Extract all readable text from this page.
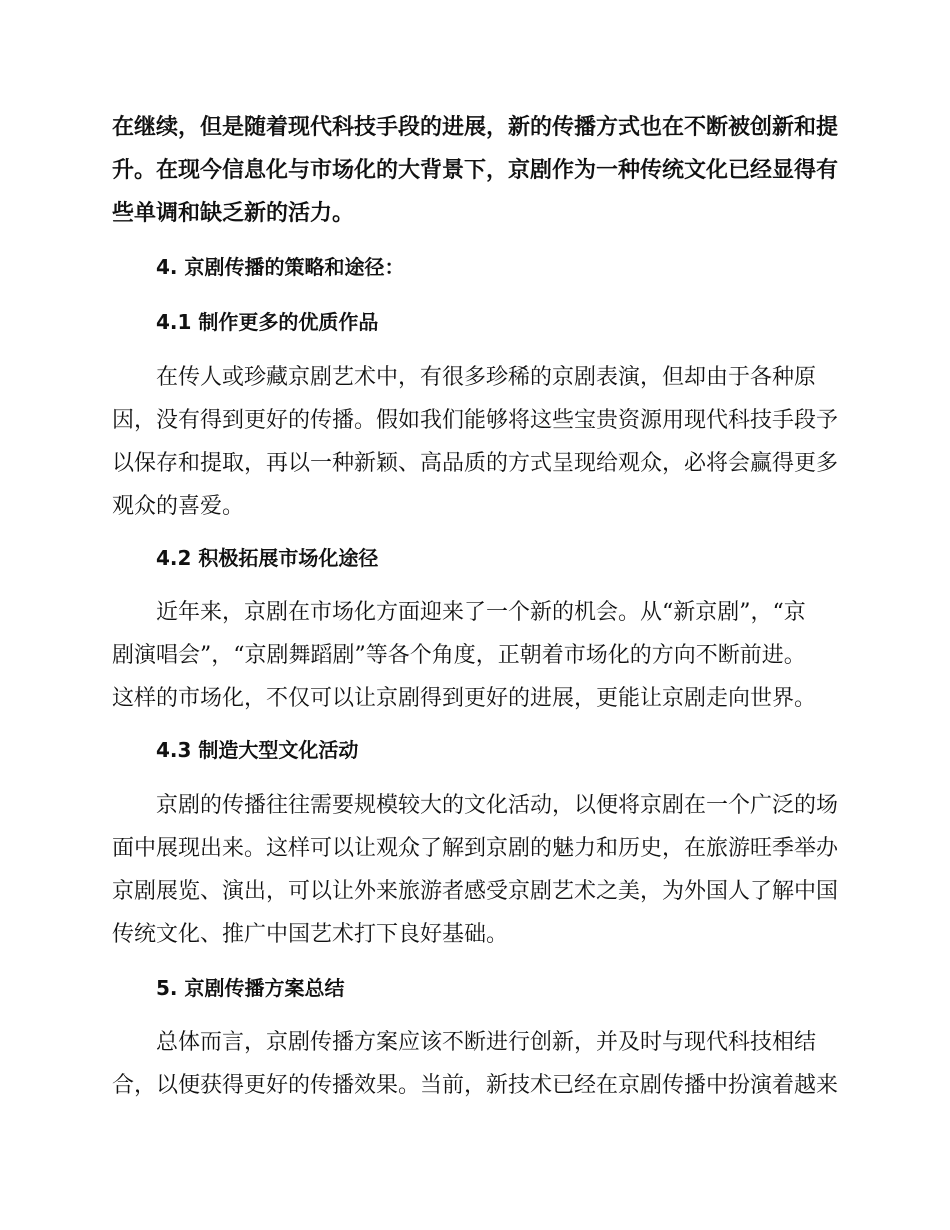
在继续，但是随着现代科技手段的进展，新的传播方式也在不断被创新和提
升。在现今信息化与市场化的大背景下，京剧作为一种传统文化已经显得有
些单调和缺乏新的活力。
4. 京剧传播的策略和途径：
4.1 制作更多的优质作品
在传人或珍藏京剧艺术中，有很多珍稀的京剧表演，但却由于各种原
因，没有得到更好的传播。假如我们能够将这些宝贵资源用现代科技手段予
以保存和提取，再以一种新颖、高品质的方式呈现给观众，必将会赢得更多
观众的喜爱。
4.2 积极拓展市场化途径
近年来，京剧在市场化方面迎来了一个新的机会。从“新京剧”，“京
剧演唱会”，“京剧舞蹈剧”等各个角度，正朝着市场化的方向不断前进。
这样的市场化，不仅可以让京剧得到更好的进展，更能让京剧走向世界。
4.3 制造大型文化活动
京剧的传播往往需要规模较大的文化活动，以便将京剧在一个广泛的场
面中展现出来。这样可以让观众了解到京剧的魅力和历史，在旅游旺季举办
京剧展览、演出，可以让外来旅游者感受京剧艺术之美，为外国人了解中国
传统文化、推广中国艺术打下良好基础。
5. 京剧传播方案总结
总体而言，京剧传播方案应该不断进行创新，并及时与现代科技相结
合，以便获得更好的传播效果。当前，新技术已经在京剧传播中扮演着越来
